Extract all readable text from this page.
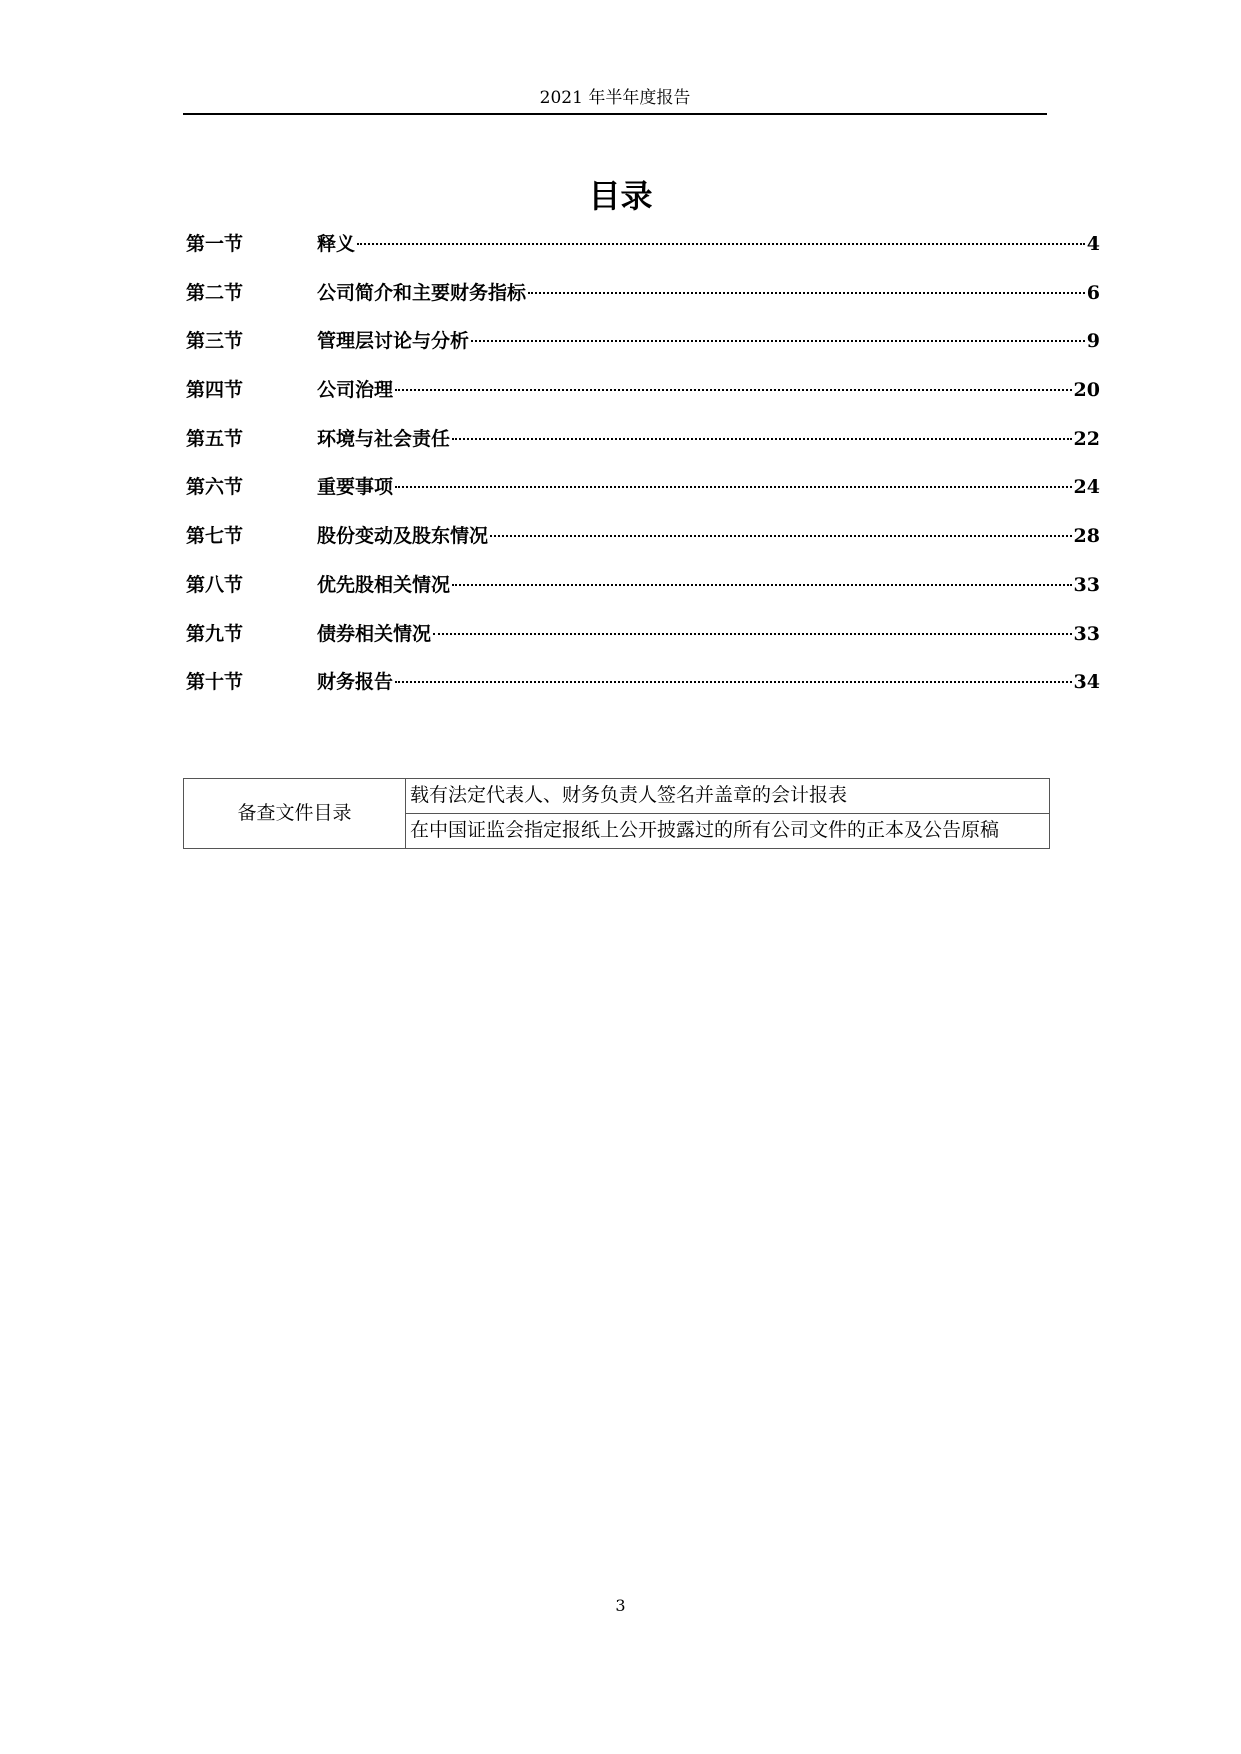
2021 年半年度报告
目录
第一节	释义	4
第二节	公司简介和主要财务指标	6
第三节	管理层讨论与分析	9
第四节	公司治理	20
第五节	环境与社会责任	22
第六节	重要事项	24
第七节	股份变动及股东情况	28
第八节	优先股相关情况	33
第九节	债券相关情况	33
第十节	财务报告	34
备查文件目录	载有法定代表人、财务负责人签名并盖章的会计报表
在中国证监会指定报纸上公开披露过的所有公司文件的正本及公告原稿
3
